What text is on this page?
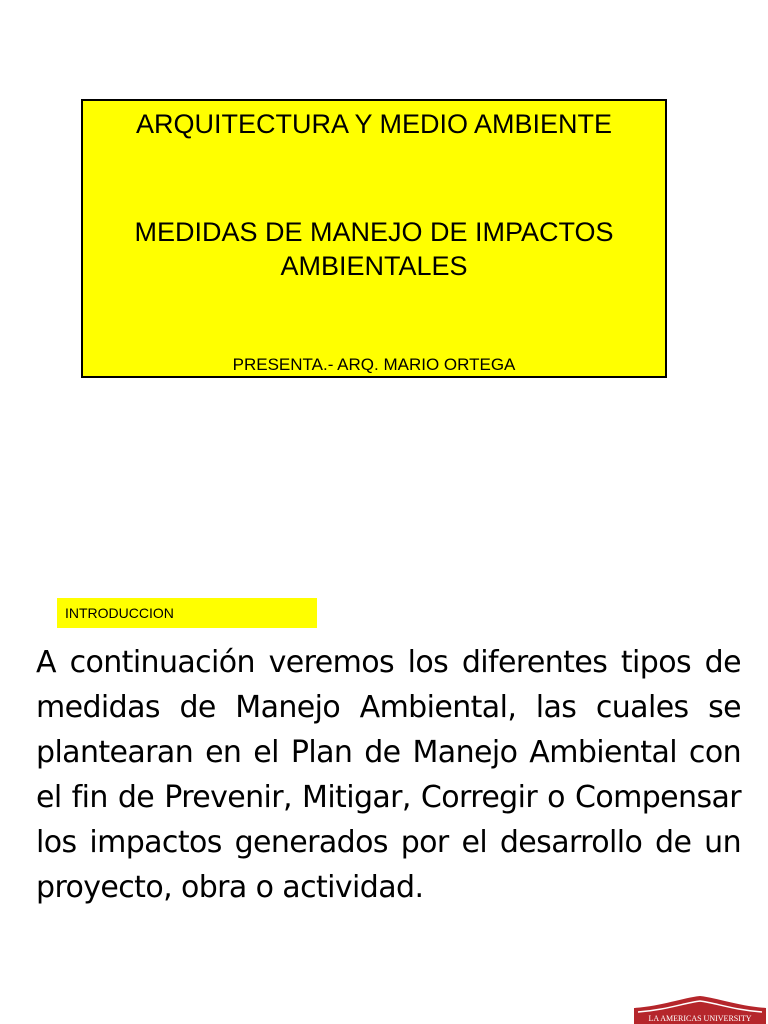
ARQUITECTURA Y MEDIO AMBIENTE
MEDIDAS DE MANEJO DE IMPACTOS
AMBIENTALES
PRESENTA.- ARQ. MARIO ORTEGA
INTRODUCCION

A continuación veremos los diferentes tipos de medidas de Manejo Ambiental, las cuales se plantearan en el Plan de Manejo Ambiental con el fin de Prevenir, Mitigar, Corregir o Compensar los impactos generados por el desarrollo de un proyecto, obra o actividad.

LA AMERICAS UNIVERSITY
